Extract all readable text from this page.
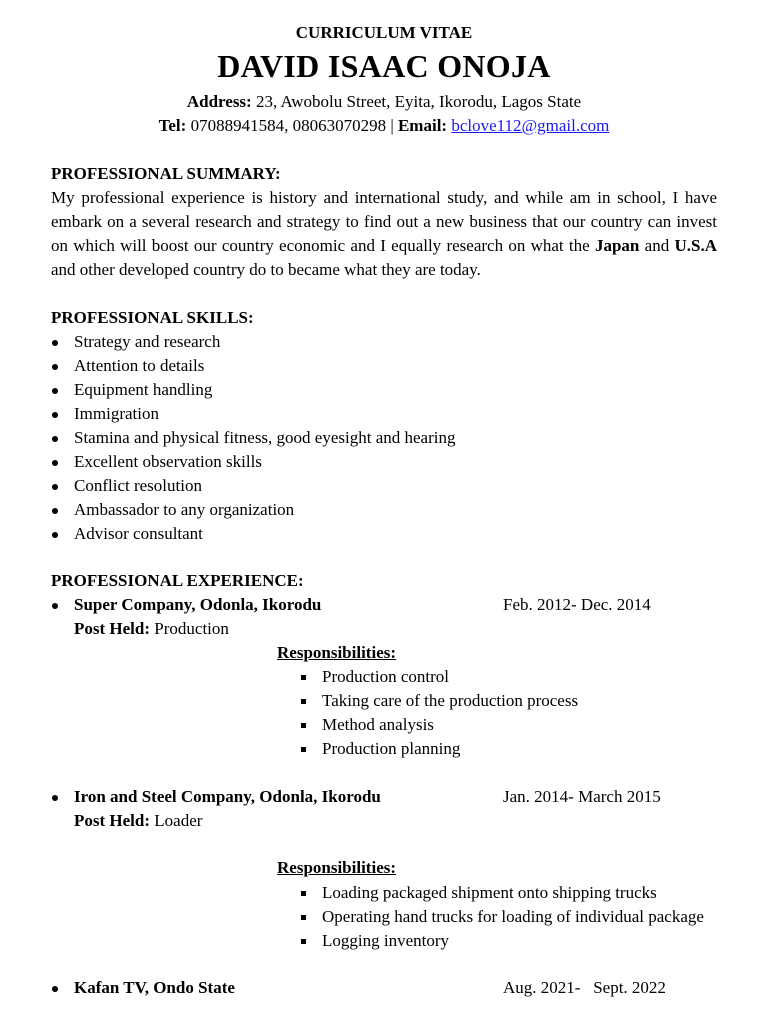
CURRICULUM VITAE
DAVID ISAAC ONOJA
Address: 23, Awobolu Street, Eyita, Ikorodu, Lagos State
Tel: 07088941584, 08063070298 | Email: bclove112@gmail.com
PROFESSIONAL SUMMARY:
My professional experience is history and international study, and while am in school, I have embark on a several research and strategy to find out a new business that our country can invest on which will boost our country economic and I equally research on what the Japan and U.S.A and other developed country do to became what they are today.
PROFESSIONAL SKILLS:
Strategy and research
Attention to details
Equipment handling
Immigration
Stamina and physical fitness, good eyesight and hearing
Excellent observation skills
Conflict resolution
Ambassador to any organization
Advisor consultant
PROFESSIONAL EXPERIENCE:
Super Company, Odonla, Ikorodu	Feb. 2012- Dec. 2014
Post Held: Production
Responsibilities:
Production control
Taking care of the production process
Method analysis
Production planning
Iron and Steel Company, Odonla, Ikorodu	Jan. 2014- March 2015
Post Held: Loader
Responsibilities:
Loading packaged shipment onto shipping trucks
Operating hand trucks for loading of individual package
Logging inventory
Kafan TV, Ondo State	Aug. 2021-   Sept. 2022
